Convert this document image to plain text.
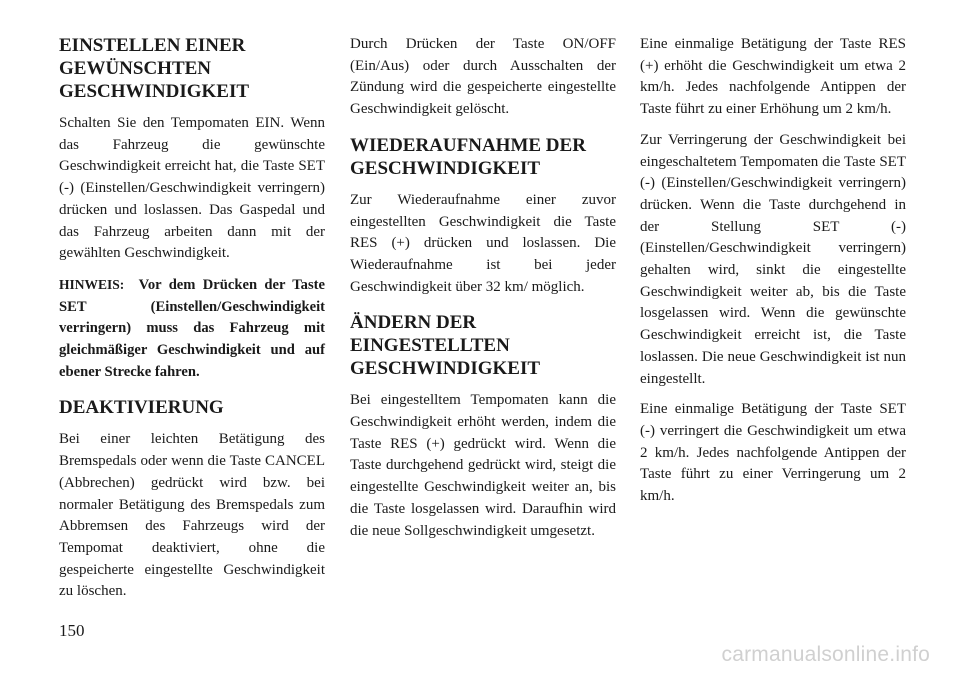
EINSTELLEN EINER GEWÜNSCHTEN GESCHWINDIGKEIT

Schalten Sie den Tempomaten EIN. Wenn das Fahrzeug die gewünschte Geschwindigkeit erreicht hat, die Taste SET (-) (Einstellen/Geschwindigkeit verringern) drücken und loslassen. Das Gaspedal und das Fahrzeug arbeiten dann mit der gewählten Geschwindigkeit.

HINWEIS: Vor dem Drücken der Taste SET (Einstellen/Geschwindigkeit verringern) muss das Fahrzeug mit gleichmäßiger Geschwindigkeit und auf ebener Strecke fahren.

DEAKTIVIERUNG

Bei einer leichten Betätigung des Bremspedals oder wenn die Taste CANCEL (Abbrechen) gedrückt wird bzw. bei normaler Betätigung des Bremspedals zum Abbremsen des Fahrzeugs wird der Tempomat deaktiviert, ohne die gespeicherte eingestellte Geschwindigkeit zu löschen.

Durch Drücken der Taste ON/OFF (Ein/Aus) oder durch Ausschalten der Zündung wird die gespeicherte eingestellte Geschwindigkeit gelöscht.

WIEDERAUFNAHME DER GESCHWINDIGKEIT

Zur Wiederaufnahme einer zuvor eingestellten Geschwindigkeit die Taste RES (+) drücken und loslassen. Die Wiederaufnahme ist bei jeder Geschwindigkeit über 32 km/ möglich.

ÄNDERN DER EINGESTELLTEN GESCHWINDIGKEIT

Bei eingestelltem Tempomaten kann die Geschwindigkeit erhöht werden, indem die Taste RES (+) gedrückt wird. Wenn die Taste durchgehend gedrückt wird, steigt die eingestellte Geschwindigkeit weiter an, bis die Taste losgelassen wird. Daraufhin wird die neue Sollgeschwindigkeit umgesetzt.

Eine einmalige Betätigung der Taste RES (+) erhöht die Geschwindigkeit um etwa 2 km/h. Jedes nachfolgende Antippen der Taste führt zu einer Erhöhung um 2 km/h.

Zur Verringerung der Geschwindigkeit bei eingeschaltetem Tempomaten die Taste SET (-) (Einstellen/Geschwindigkeit verringern) drücken. Wenn die Taste durchgehend in der Stellung SET (-) (Einstellen/Geschwindigkeit verringern) gehalten wird, sinkt die eingestellte Geschwindigkeit weiter ab, bis die Taste losgelassen wird. Wenn die gewünschte Geschwindigkeit erreicht ist, die Taste loslassen. Die neue Geschwindigkeit ist nun eingestellt.

Eine einmalige Betätigung der Taste SET (-) verringert die Geschwindigkeit um etwa 2 km/h. Jedes nachfolgende Antippen der Taste führt zu einer Verringerung um 2 km/h.

150
carmanualsonline.info
